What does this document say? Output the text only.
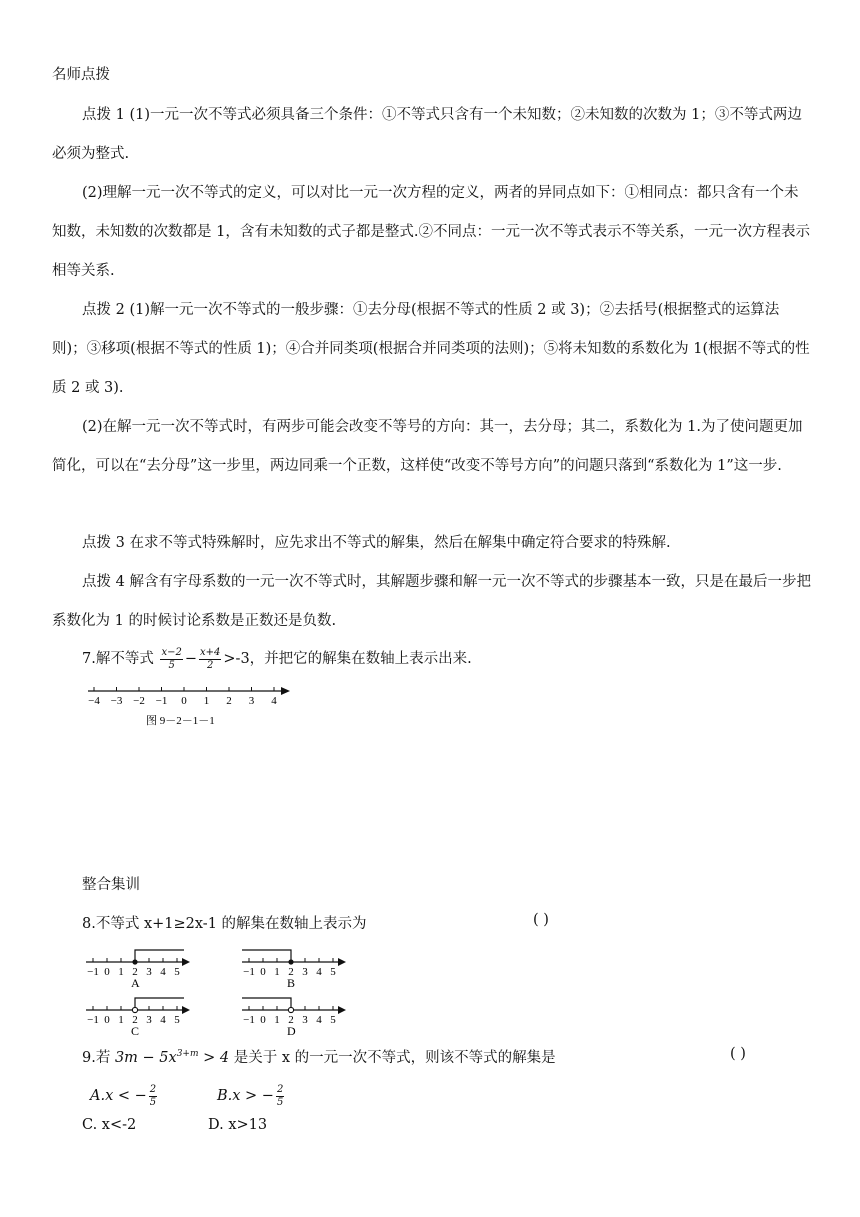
名师点拨
点拨 1 (1)一元一次不等式必须具备三个条件：①不等式只含有一个未知数；②未知数的次数为 1；③不等式两边必须为整式.
(2)理解一元一次不等式的定义，可以对比一元一次方程的定义，两者的异同点如下：①相同点：都只含有一个未知数，未知数的次数都是 1，含有未知数的式子都是整式.②不同点：一元一次不等式表示不等关系，一元一次方程表示相等关系.
点拨 2 (1)解一元一次不等式的一般步骤：①去分母(根据不等式的性质 2 或 3)；②去括号(根据整式的运算法则)；③移项(根据不等式的性质 1)；④合并同类项(根据合并同类项的法则)；⑤将未知数的系数化为 1(根据不等式的性质 2 或 3).
(2)在解一元一次不等式时，有两步可能会改变不等号的方向：其一，去分母；其二，系数化为 1.为了使问题更加简化，可以在“去分母”这一步里，两边同乘一个正数，这样使“改变不等号方向”的问题只落到“系数化为 1”这一步.
点拨 3 在求不等式特殊解时，应先求出不等式的解集，然后在解集中确定符合要求的特殊解.
点拨 4 解含有字母系数的一元一次不等式时，其解题步骤和解一元一次不等式的步骤基本一致，只是在最后一步把系数化为 1 的时候讨论系数是正数还是负数.
7.解不等式 $\frac{x-2}{5} - \frac{x+4}{2} >-3$，并把它的解集在数轴上表示出来.
−4 −3 −2 −1 0 1 2 3 4
图 9－2－1－1
整合集训
8.不等式 x+1≥2x-1 的解集在数轴上表示为	( )
−1 0 1 2 3 4 5
A
−1 0 1 2 3 4 5
B
−1 0 1 2 3 4 5
C
−1 0 1 2 3 4 5
D
9.若 $3m - 5x^{3+m} > 4$ 是关于 x 的一元一次不等式，则该不等式的解集是	( )
A.x < − $\frac{2}{5}$	B.x > − $\frac{2}{5}$
C. x<-2	D. x>13
